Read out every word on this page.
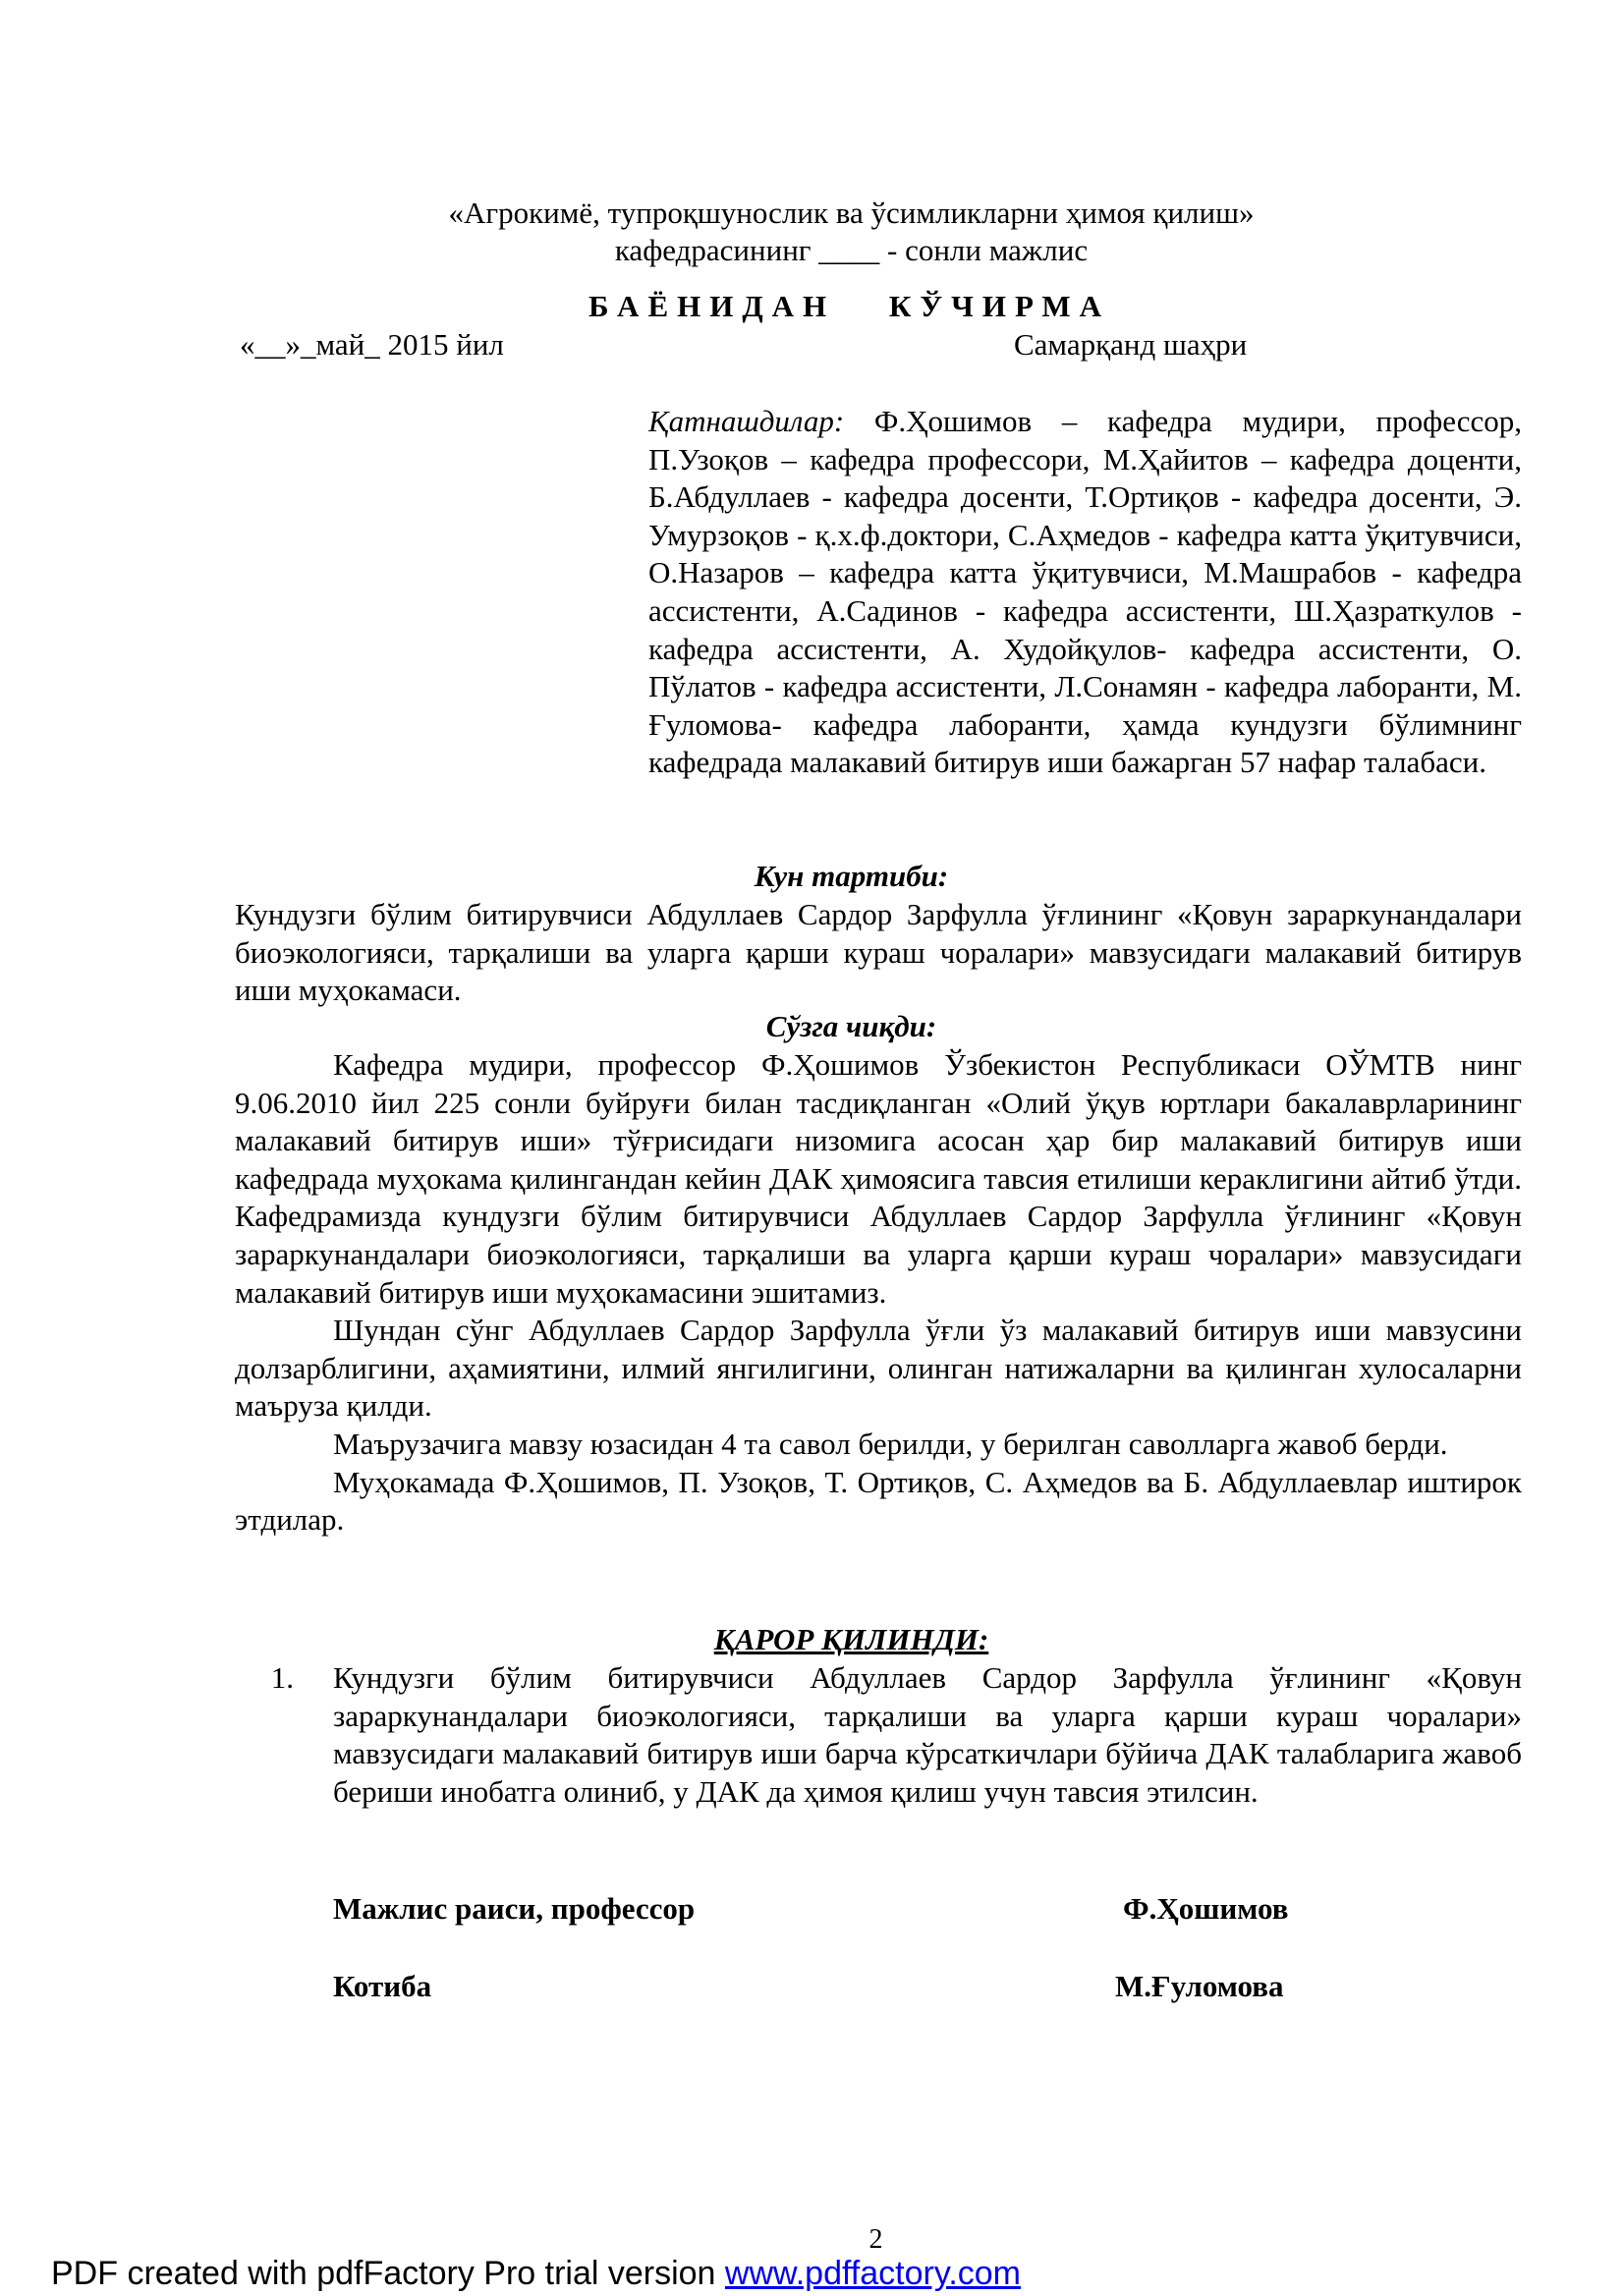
«Агрокимё, тупроқшунослик ва ўсимликларни ҳимоя қилиш»
кафедрасининг ____ - сонли мажлис
БАЁНИДАН КЎЧИРМА
«__»_май_ 2015 йил	Самарқанд шаҳри
Қатнашдилар: Ф.Ҳошимов – кафедра мудири, профессор, П.Узоқов – кафедра профессори, М.Ҳайитов – кафедра доценти, Б.Абдуллаев - кафедра досенти, Т.Ортиқов - кафедра досенти, Э. Умурзоқов - қ.х.ф.доктори, С.Аҳмедов - кафедра катта ўқитувчиси, О.Назаров – кафедра катта ўқитувчиси, М.Машрабов - кафедра ассистенти, А.Садинов - кафедра ассистенти, Ш.Ҳазраткулов - кафедра ассистенти, А. Худойқулов- кафедра ассистенти, О. Пўлатов - кафедра ассистенти, Л.Сонамян - кафедра лаборанти, М. Ғуломова- кафедра лаборанти, ҳамда кундузги бўлимнинг кафедрада малакавий битирув иши бажарган 57 нафар талабаси.
Кун тартиби:
Кундузги бўлим битирувчиси Абдуллаев Сардор Зарфулла ўғлининг «Қовун зараркунандалари биоэкологияси, тарқалиши ва уларга қарши кураш чоралари» мавзусидаги малакавий битирув иши муҳокамаси.
Сўзга чиқди:

Кафедра мудири, профессор Ф.Ҳошимов Ўзбекистон Республикаси ОЎМТВ нинг 9.06.2010 йил 225 сонли буйруғи билан тасдиқланган «Олий ўқув юртлари бакалаврларининг малакавий битирув иши» тўғрисидаги низомига асосан ҳар бир малакавий битирув иши кафедрада муҳокама қилингандан кейин ДАК ҳимоясига тавсия етилиши кераклигини айтиб ўтди. Кафедрамизда кундузги бўлим битирувчиси Абдуллаев Сардор Зарфулла ўғлининг «Қовун зараркунандалари биоэкологияси, тарқалиши ва уларга қарши кураш чоралари» мавзусидаги малакавий битирув иши муҳокамасини эшитамиз.

Шундан сўнг Абдуллаев Сардор Зарфулла ўғли ўз малакавий битирув иши мавзусини долзарблигини, аҳамиятини, илмий янгилигини, олинган натижаларни ва қилинган хулосаларни маъруза қилди.

Маърузачига мавзу юзасидан 4 та савол берилди, у берилган саволларга жавоб берди.

Муҳокамада Ф.Ҳошимов, П. Узоқов, Т. Ортиқов, С. Аҳмедов ва Б. Абдуллаевлар иштирок этдилар.

ҚАРОР ҚИЛИНДИ:
1.	Кундузги бўлим битирувчиси Абдуллаев Сардор Зарфулла ўғлининг «Қовун зараркунандалари биоэкологияси, тарқалиши ва уларга қарши кураш чоралари» мавзусидаги малакавий битирув иши барча кўрсаткичлари бўйича ДАК талабларига жавоб бериши инобатга олиниб, у ДАК да ҳимоя қилиш учун тавсия этилсин.
Мажлис раиси, профессор	Ф.Ҳошимов
Котиба	М.Ғуломова
2
PDF created with pdfFactory Pro trial version www.pdffactory.com
